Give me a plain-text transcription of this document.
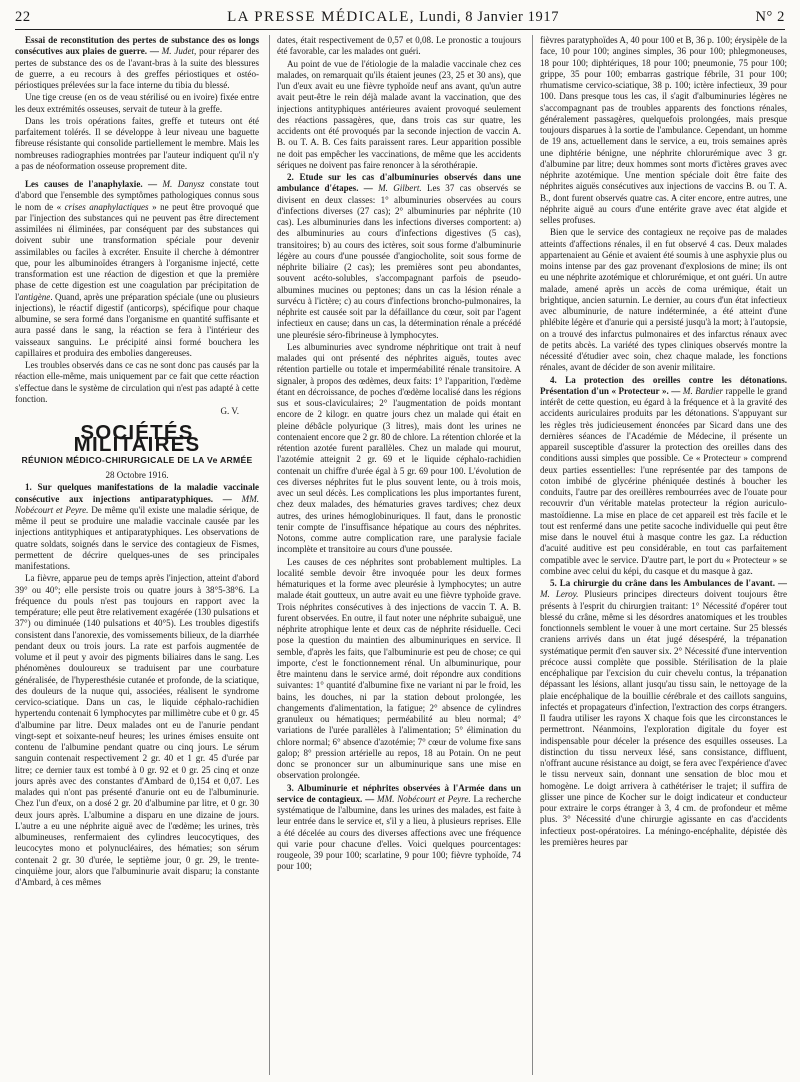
22	LA PRESSE MÉDICALE, Lundi, 8 Janvier 1917	N° 2

Essai de reconstitution des pertes de substance des os longs consécutives aux plaies de guerre. — M. Judet, pour réparer des pertes de substance des os de l'avant-bras à la suite des blessures de guerre, a eu recours à des greffes périostiques et ostéo-périostiques prélevées sur la face interne du tibia du blessé.

Une tige creuse (en os de veau stérilisé ou en ivoire) fixée entre les deux extrémités osseuses, servait de tuteur à la greffe.

Dans les trois opérations faites, greffe et tuteurs ont été parfaitement tolérés. Il se développe à leur niveau une baguette fibreuse résistante qui consolide partiellement le membre. Mais les nombreuses radiographies montrées par l'auteur indiquent qu'il n'y a pas de néoformation osseuse proprement dite.

Les causes de l'anaphylaxie. — M. Danysz constate tout d'abord que l'ensemble des symptômes pathologiques connus sous le nom de « crises anaphylactiques » ne peut être provoqué que par l'injection des substances qui ne peuvent pas être directement assimilées ni éliminées, par conséquent par des substances qui doivent subir une transformation spéciale pour devenir assimilables ou faciles à excréter. Ensuite il cherche à démontrer que, pour les albuminoïdes étrangers à l'organisme injecté, cette transformation est une réaction de digestion et que la première phase de cette digestion est une coagulation par précipitation de l'antigène. Quand, après une préparation spéciale (une ou plusieurs injections), le réactif digestif (anticorps), spécifique pour chaque albumine, se sera formé dans l'organisme en quantité suffisante et aura passé dans le sang, la réaction se fera à l'intérieur des vaisseaux sanguins. Le précipité ainsi formé bouchera les capillaires et produira des embolies dangereuses.

Les troubles observés dans ce cas ne sont donc pas causés par la réaction elle-même, mais uniquement par ce fait que cette réaction s'effectue dans le système de circulation qui n'est pas adapté à cette fonction.

G. V.
SOCIÉTÉS MILITAIRES
RÉUNION MÉDICO-CHIRURGICALE DE LA Ve ARMÉE

28 Octobre 1916.

1. Sur quelques manifestations de la maladie vaccinale consécutive aux injections antiparatyphiques. — MM. Nobécourt et Peyre. De même qu'il existe une maladie sérique, de même il peut se produire une maladie vaccinale causée par les injections antityphiques et antiparatyphiques. Les observations de quatre soldats, soignés dans le service des contagieux de Fismes, permettent de décrire quelques-unes de ses principales manifestations.

La fièvre, apparue peu de temps après l'injection, atteint d'abord 39° ou 40°; elle persiste trois ou quatre jours à 38°5-38°6. La fréquence du pouls n'est pas toujours en rapport avec la température; elle peut être relativement exagérée (130 pulsations et 37°) ou diminuée (140 pulsations et 40°5). Les troubles digestifs consistent dans l'anorexie, des vomissements bilieux, de la diarrhée pendant deux ou trois jours. La rate est parfois augmentée de volume et il peut y avoir des pigments biliaires dans le sang. Les phénomènes douloureux se traduisent par une courbature généralisée, de l'hyperesthésie cutanée et profonde, de la sciatique, des douleurs de la nuque qui, associées, réalisent le syndrome cervico-sciatique. Dans un cas, le liquide céphalo-rachidien hypertendu contenait 6 lymphocytes par millimètre cube et 0 gr. 45 d'albumine par litre. Deux malades ont eu de l'anurie pendant vingt-sept et soixante-neuf heures; les urines émises ensuite ont contenu de l'albumine pendant quatre ou cinq jours. Le sérum sanguin contenait respectivement 2 gr. 40 et 1 gr. 45 d'urée par litre; ce dernier taux est tombé à 0 gr. 92 et 0 gr. 25 cinq et onze jours après avec des constantes d'Ambard de 0,154 et 0,07. Les malades qui n'ont pas présenté d'anurie ont eu de l'albuminurie. Chez l'un d'eux, on a dosé 2 gr. 20 d'albumine par litre, et 0 gr. 30 deux jours après. L'albumine a disparu en une dizaine de jours. L'autre a eu une néphrite aiguë avec de l'œdème; les urines, très albumineuses, renfermaient des cylindres leucocytiques, des leucocytes mono et polynucléaires, des hématies; son sérum contenait 2 gr. 30 d'urée, le septième jour, 0 gr. 29, le trente-cinquième jour, alors que l'albuminurie avait disparu; la constante d'Ambard, à ces mêmes

dates, était respectivement de 0,57 et 0,08. Le pronostic a toujours été favorable, car les malades ont guéri.

Au point de vue de l'étiologie de la maladie vaccinale chez ces malades, on remarquait qu'ils étaient jeunes (23, 25 et 30 ans), que l'un d'eux avait eu une fièvre typhoïde neuf ans avant, qu'un autre avait peut-être le rein déjà malade avant la vaccination, que des injections antityphiques antérieures avaient provoqué seulement des réactions passagères, que, dans trois cas sur quatre, les accidents ont été provoqués par la seconde injection de vaccin A. B. ou T. A. B. Ces faits paraissent rares. Leur apparition possible ne doit pas empêcher les vaccinations, de même que les accidents sériques ne doivent pas faire renoncer à la sérothérapie.

2. Etude sur les cas d'albuminuries observés dans une ambulance d'étapes. — M. Gilbert. Les 37 cas observés se divisent en deux classes: 1° albuminuries observées au cours d'infections diverses (27 cas); 2° albuminuries par néphrite (10 cas). Les albuminuries dans les infections diverses comportent: a) des albuminuries au cours d'infections digestives (5 cas), transitoires; b) au cours des ictères, soit sous forme d'albuminurie légère au cours d'une poussée d'angiocholite, soit sous forme de néphrite biliaire (2 cas); les premières sont peu abondantes, souvent acéto-solubles, s'accompagnant parfois de pseudo-albumines mucines ou peptones; dans un cas la lésion rénale a survécu à l'ictère; c) au cours d'infections broncho-pulmonaires, la néphrite est causée soit par la défaillance du cœur, soit par l'agent infectieux en cause; dans un cas, la détermination rénale a précédé une pleurésie séro-fibrineuse à lymphocytes.

Les albuminuries avec syndrome néphritique ont trait à neuf malades qui ont présenté des néphrites aiguës, toutes avec rétention partielle ou totale et imperméabilité rénale transitoire. A signaler, à propos des œdèmes, deux faits: 1° l'apparition, l'œdème étant en décroissance, de poches d'œdème localisé dans les régions sus et sous-claviculaires; 2° l'augmentation de poids montant encore de 2 kilogr. en quatre jours chez un malade qui était en pleine débâcle polyurique (3 litres), mais dont les urines ne contenaient encore que 2 gr. 80 de chlore. La rétention chlorée et la rétention azotée furent parallèles. Chez un malade qui mourut, l'azotémie atteignit 2 gr. 69 et le liquide céphalo-rachidien contenait un chiffre d'urée égal à 5 gr. 69 pour 100. L'évolution de ces diverses néphrites fut le plus souvent lente, ou à trois mois, avec un seul décès. Les complications les plus importantes furent, chez deux malades, des hématuries graves tardives; chez deux autres, des urines hémoglobinuriques. Il faut, dans le pronostic tenir compte de l'insuffisance hépatique au cours des néphrites. Notons, comme autre complication rare, une paralysie faciale incomplète et transitoire au cours d'une poussée.

Les causes de ces néphrites sont probablement multiples. La localité semble devoir être invoquée pour les deux formes hématuriques et la forme avec pleurésie à lymphocytes; un autre malade était goutteux, un autre avait eu une fièvre typhoïde grave. Trois néphrites consécutives à des injections de vaccin T. A. B. furent observées. En outre, il faut noter une néphrite subaiguë, une néphrite atrophique lente et deux cas de néphrite résiduelle. Ceci pose la question du maintien des albuminuriques en service. Il semble, d'après les faits, que l'albuminurie est peu de chose; ce qui importe, c'est le fonctionnement rénal. Un albuminurique, pour être maintenu dans le service armé, doit répondre aux conditions suivantes: 1° quantité d'albumine fixe ne variant ni par le froid, les bains, les douches, ni par la station debout prolongée, les changements d'alimentation, la fatigue; 2° absence de cylindres granuleux ou hématiques; perméabilité au bleu normal; 4° variations de l'urée parallèles à l'alimentation; 5° élimination du chlore normal; 6° absence d'azotémie; 7° cœur de volume fixe sans galop; 8° pression artérielle au repos, 18 au Potain. On ne peut donc se prononcer sur un albuminurique sans une mise en observation prolongée.

3. Albuminurie et néphrites observées à l'Armée dans un service de contagieux. — MM. Nobécourt et Peyre. La recherche systématique de l'albumine, dans les urines des malades, est faite à leur entrée dans le service et, s'il y a lieu, à plusieurs reprises. Elle a été décelée au cours des diverses affections avec une fréquence qui varie pour chacune d'elles. Voici quelques pourcentages: rougeole, 39 pour 100; scarlatine, 9 pour 100; fièvre typhoïde, 74 pour 100;

fièvres paratyphoïdes A, 40 pour 100 et B, 36 p. 100; érysipèle de la face, 10 pour 100; angines simples, 36 pour 100; phlegmoneuses, 18 pour 100; diphtériques, 18 pour 100; pneumonie, 75 pour 100; grippe, 35 pour 100; embarras gastrique fébrile, 31 pour 100; rhumatisme cervico-sciatique, 38 p. 100; ictère infectieux, 39 pour 100. Dans presque tous les cas, il s'agit d'albuminuries légères ne s'accompagnant pas de troubles apparents des fonctions rénales, généralement passagères, quelquefois prolongées, mais presque toujours disparues à la sortie de l'ambulance. Cependant, un homme de 19 ans, actuellement dans le service, a eu, trois semaines après une diphtérie bénigne, une néphrite chlorurémique avec 3 gr. d'albumine par litre; deux hommes sont morts d'ictères graves avec néphrite azotémique. Une mention spéciale doit être faite des néphrites aiguës consécutives aux injections de vaccins B. ou T. A. B., dont furent observés quatre cas. A citer encore, entre autres, une néphrite aiguë au cours d'une entérite grave avec état algide et selles profuses.

Bien que le service des contagieux ne reçoive pas de malades atteints d'affections rénales, il en fut observé 4 cas. Deux malades appartenaient au Génie et avaient été soumis à une asphyxie plus ou moins intense par des gaz provenant d'explosions de mine; ils ont eu une néphrite azotémique et chlorurémique, et ont guéri. Un autre malade, amené après un accès de coma urémique, était un brightique, ancien saturnin. Le dernier, au cours d'un état infectieux avec albuminurie, de nature indéterminée, a été atteint d'une phlébite légère et d'anurie qui a persisté jusqu'à la mort; à l'autopsie, on a trouvé des infarctus pulmonaires et des infarctus rénaux avec de petits abcès. La variété des types cliniques observés montre la nécessité d'étudier avec soin, chez chaque malade, les fonctions rénales, avant de décider de son avenir militaire.

4. La protection des oreilles contre les détonations. Présentation d'un « Protecteur ». — M. Bardier rappelle le grand intérêt de cette question, eu égard à la fréquence et à la gravité des accidents auriculaires produits par les détonations. S'appuyant sur les règles très judicieusement énoncées par Sicard dans une des dernières séances de l'Académie de Médecine, il présente un appareil susceptible d'assurer la protection des oreilles dans des conditions aussi simples que possible. Ce « Protecteur » comprend deux parties essentielles: l'une représentée par des tampons de coton imbibé de glycérine phéniquée destinés à boucher les conduits, l'autre par des oreillères rembourrées avec de l'ouate pour recouvrir d'un véritable matelas protecteur la région auriculo-mastoïdienne. La mise en place de cet appareil est très facile et le tout est renfermé dans une petite sacoche individuelle qui peut être mise dans le nouvel étui à masque contre les gaz. La réduction d'acuité auditive est peu considérable, en tout cas parfaitement compatible avec le service. D'autre part, le port du « Protecteur » se combine avec celui du képi, du casque et du masque à gaz.

5. La chirurgie du crâne dans les Ambulances de l'avant. — M. Leroy. Plusieurs principes directeurs doivent toujours être présents à l'esprit du chirurgien traitant: 1° Nécessité d'opérer tout blessé du crâne, même si les désordres anatomiques et les troubles fonctionnels semblent le vouer à une mort certaine. Sur 25 blessés craniens arrivés dans un état jugé désespéré, la trépanation systématique permit d'en sauver six. 2° Nécessité d'une intervention précoce aussi complète que possible. Stérilisation de la plaie encéphalique par l'excision du cuir chevelu contus, la trépanation dépassant les lésions, allant jusqu'au tissu sain, le nettoyage de la plaie encéphalique de la bouillie cérébrale et des caillots sanguins, infectés et propagateurs d'infection, l'extraction des corps étrangers. Il faudra utiliser les rayons X chaque fois que les circonstances le permettront. Néanmoins, l'exploration digitale du foyer est indispensable pour déceler la présence des esquilles osseuses. La distinction du tissu nerveux lésé, sans consistance, diffluent, n'offrant aucune résistance au doigt, se fera avec l'expérience d'avec le tissu nerveux sain, donnant une sensation de bloc mou et homogène. Le doigt arrivera à cathétériser le trajet; il suffira de glisser une pince de Kocher sur le doigt indicateur et conducteur pour extraire le corps étranger à 3, 4 cm. de profondeur et même plus. 3° Nécessité d'une chirurgie agissante en cas d'accidents infectieux post-opératoires. La méningo-encéphalite, dépistée dès les premières heures par
